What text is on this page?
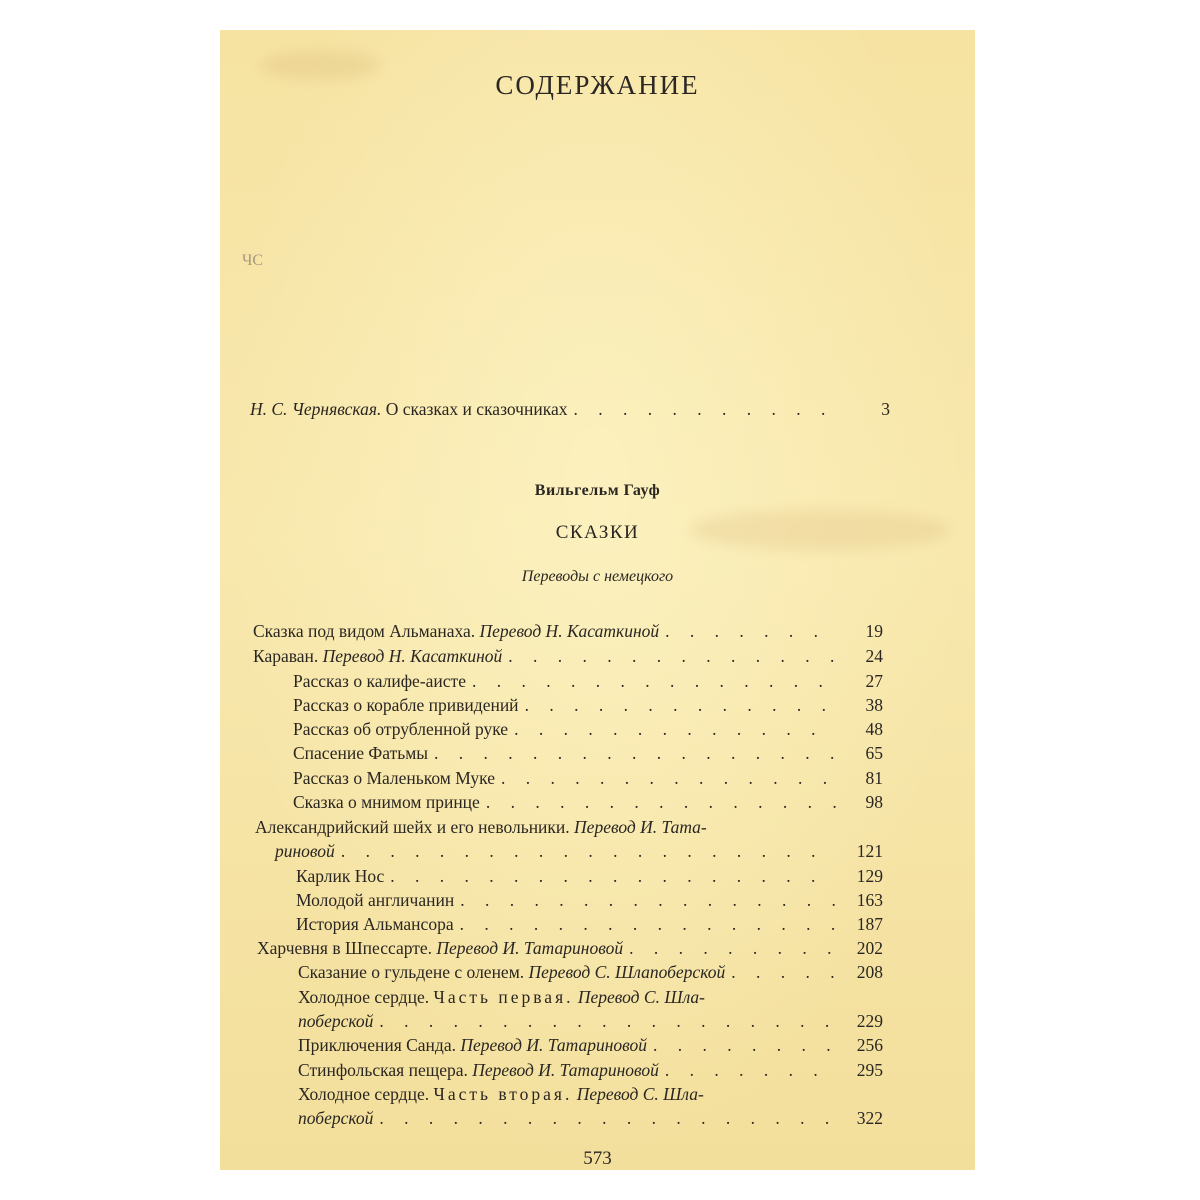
СОДЕРЖАНИЕ
ЧС
Н. С. Чернявская. О сказках и сказочниках . . .	3
Вильгельм Гауф
СКАЗКИ
Переводы с немецкого
Сказка под видом Альманаха. Перевод Н. Касаткиной . . .	19
Караван. Перевод Н. Касаткиной . . .	24
Рассказ о калифе-аисте . . .	27
Рассказ о корабле привидений . . .	38
Рассказ об отрубленной руке . . .	48
Спасение Фатьмы . . .	65
Рассказ о Маленьком Муке . . .	81
Сказка о мнимом принце . . .	98
Александрийский шейх и его невольники. Перевод И. Тата-
риновой . . .	121
Карлик Нос . . .	129
Молодой англичанин . . .	163
История Альмансора . . .	187
Харчевня в Шпессарте. Перевод И. Татариновой . . .	202
Сказание о гульдене с оленем. Перевод С. Шлапоберской . . .	208
Холодное сердце. Часть первая. Перевод С. Шла-
поберской . . .	229
Приключения Санда. Перевод И. Татариновой . . .	256
Стинфольская пещера. Перевод И. Татариновой . . .	295
Холодное сердце. Часть вторая. Перевод С. Шла-
поберской . . .	322
573
